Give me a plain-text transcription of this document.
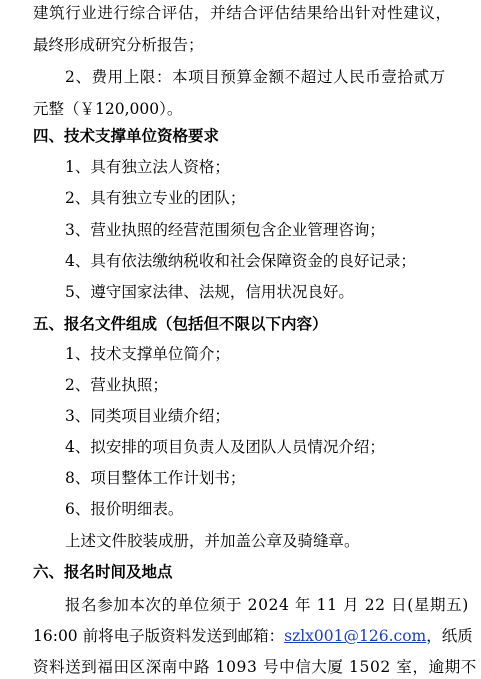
建筑行业进行综合评估，并结合评估结果给出针对性建议，
最终形成研究分析报告；
2、费用上限：本项目预算金额不超过人民币壹拾贰万
元整（￥120,000）。
四、技术支撑单位资格要求
1、具有独立法人资格；
2、具有独立专业的团队；
3、营业执照的经营范围须包含企业管理咨询；
4、具有依法缴纳税收和社会保障资金的良好记录；
5、遵守国家法律、法规，信用状况良好。
五、报名文件组成（包括但不限以下内容）
1、技术支撑单位简介；
2、营业执照；
3、同类项目业绩介绍；
4、拟安排的项目负责人及团队人员情况介绍；
8、项目整体工作计划书；
6、报价明细表。
上述文件胶装成册，并加盖公章及骑缝章。
六、报名时间及地点
报名参加本次的单位须于 2024 年 11 月 22 日(星期五)
16:00 前将电子版资料发送到邮箱：szlx001@126.com，纸质
资料送到福田区深南中路 1093 号中信大厦 1502 室，逾期不
